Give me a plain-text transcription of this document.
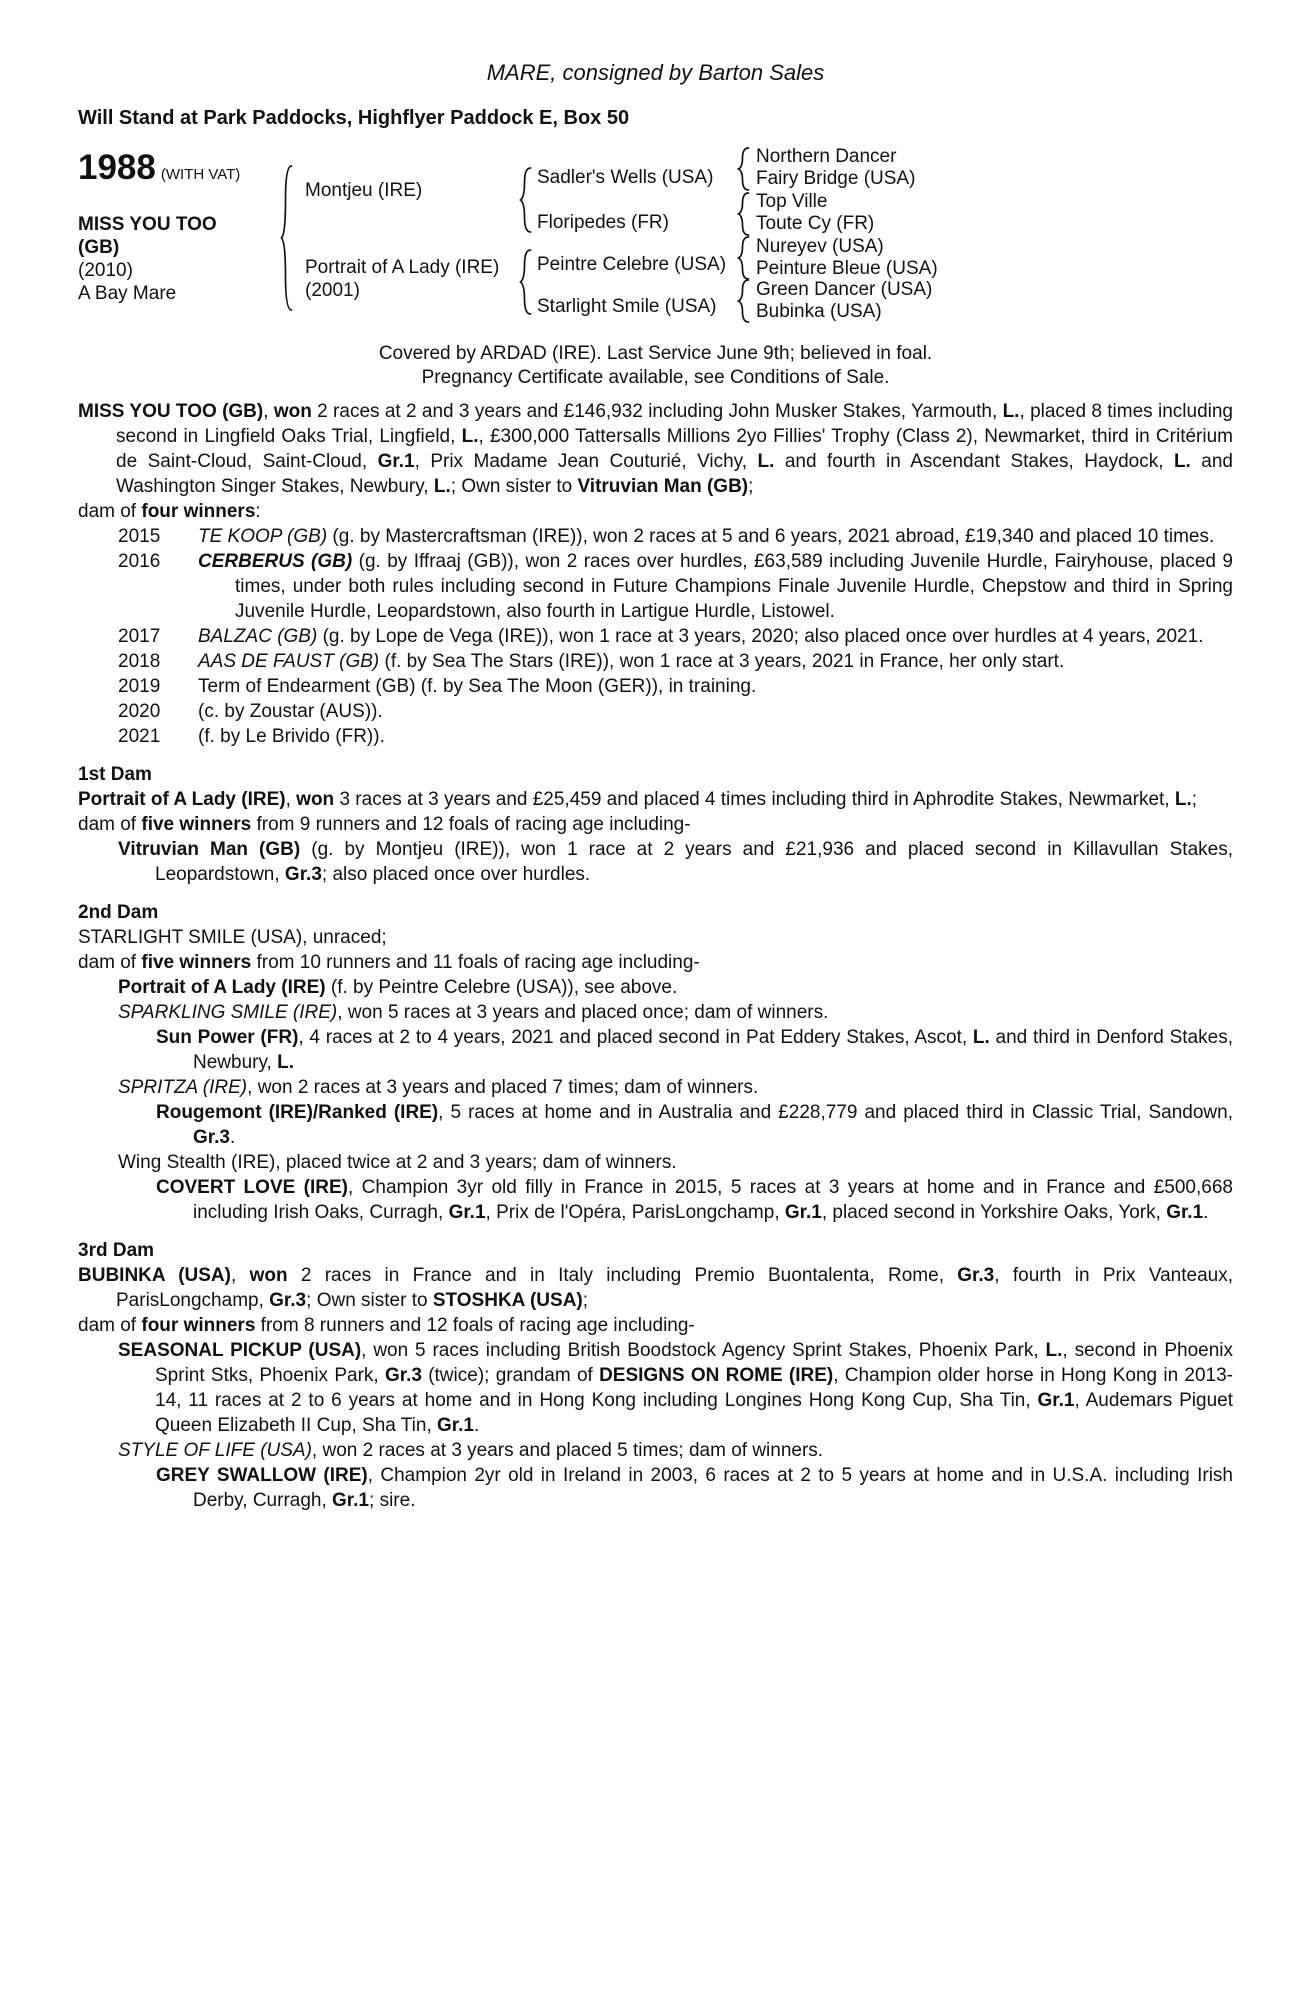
MARE, consigned by Barton Sales
Will Stand at Park Paddocks, Highflyer Paddock E, Box 50
1988 (WITH VAT)
MISS YOU TOO
(GB)
(2010)
A Bay Mare
Montjeu (IRE)
Portrait of A Lady (IRE)
(2001)
Sadler's Wells (USA)
Floripedes (FR)
Peintre Celebre (USA)
Starlight Smile (USA)
Northern Dancer
Fairy Bridge (USA)
Top Ville
Toute Cy (FR)
Nureyev (USA)
Peinture Bleue (USA)
Green Dancer (USA)
Bubinka (USA)
Covered by ARDAD (IRE). Last Service June 9th; believed in foal.
Pregnancy Certificate available, see Conditions of Sale.
MISS YOU TOO (GB), won 2 races at 2 and 3 years and £146,932 including John Musker Stakes, Yarmouth, L., placed 8 times including second in Lingfield Oaks Trial, Lingfield, L., £300,000 Tattersalls Millions 2yo Fillies' Trophy (Class 2), Newmarket, third in Critérium de Saint-Cloud, Saint-Cloud, Gr.1, Prix Madame Jean Couturié, Vichy, L. and fourth in Ascendant Stakes, Haydock, L. and Washington Singer Stakes, Newbury, L.; Own sister to Vitruvian Man (GB);
dam of four winners:
2015	TE KOOP (GB) (g. by Mastercraftsman (IRE)), won 2 races at 5 and 6 years, 2021 abroad, £19,340 and placed 10 times.
2016	CERBERUS (GB) (g. by Iffraaj (GB)), won 2 races over hurdles, £63,589 including Juvenile Hurdle, Fairyhouse, placed 9 times, under both rules including second in Future Champions Finale Juvenile Hurdle, Chepstow and third in Spring Juvenile Hurdle, Leopardstown, also fourth in Lartigue Hurdle, Listowel.
2017	BALZAC (GB) (g. by Lope de Vega (IRE)), won 1 race at 3 years, 2020; also placed once over hurdles at 4 years, 2021.
2018	AAS DE FAUST (GB) (f. by Sea The Stars (IRE)), won 1 race at 3 years, 2021 in France, her only start.
2019	Term of Endearment (GB) (f. by Sea The Moon (GER)), in training.
2020	(c. by Zoustar (AUS)).
2021	(f. by Le Brivido (FR)).
1st Dam
Portrait of A Lady (IRE), won 3 races at 3 years and £25,459 and placed 4 times including third in Aphrodite Stakes, Newmarket, L.;
dam of five winners from 9 runners and 12 foals of racing age including-
Vitruvian Man (GB) (g. by Montjeu (IRE)), won 1 race at 2 years and £21,936 and placed second in Killavullan Stakes, Leopardstown, Gr.3; also placed once over hurdles.
2nd Dam
STARLIGHT SMILE (USA), unraced;
dam of five winners from 10 runners and 11 foals of racing age including-
Portrait of A Lady (IRE) (f. by Peintre Celebre (USA)), see above.
SPARKLING SMILE (IRE), won 5 races at 3 years and placed once; dam of winners.
Sun Power (FR), 4 races at 2 to 4 years, 2021 and placed second in Pat Eddery Stakes, Ascot, L. and third in Denford Stakes, Newbury, L.
SPRITZA (IRE), won 2 races at 3 years and placed 7 times; dam of winners.
Rougemont (IRE)/Ranked (IRE), 5 races at home and in Australia and £228,779 and placed third in Classic Trial, Sandown, Gr.3.
Wing Stealth (IRE), placed twice at 2 and 3 years; dam of winners.
COVERT LOVE (IRE), Champion 3yr old filly in France in 2015, 5 races at 3 years at home and in France and £500,668 including Irish Oaks, Curragh, Gr.1, Prix de l'Opéra, ParisLongchamp, Gr.1, placed second in Yorkshire Oaks, York, Gr.1.
3rd Dam
BUBINKA (USA), won 2 races in France and in Italy including Premio Buontalenta, Rome, Gr.3, fourth in Prix Vanteaux, ParisLongchamp, Gr.3; Own sister to STOSHKA (USA);
dam of four winners from 8 runners and 12 foals of racing age including-
SEASONAL PICKUP (USA), won 5 races including British Boodstock Agency Sprint Stakes, Phoenix Park, L., second in Phoenix Sprint Stks, Phoenix Park, Gr.3 (twice); grandam of DESIGNS ON ROME (IRE), Champion older horse in Hong Kong in 2013-14, 11 races at 2 to 6 years at home and in Hong Kong including Longines Hong Kong Cup, Sha Tin, Gr.1, Audemars Piguet Queen Elizabeth II Cup, Sha Tin, Gr.1.
STYLE OF LIFE (USA), won 2 races at 3 years and placed 5 times; dam of winners.
GREY SWALLOW (IRE), Champion 2yr old in Ireland in 2003, 6 races at 2 to 5 years at home and in U.S.A. including Irish Derby, Curragh, Gr.1; sire.
